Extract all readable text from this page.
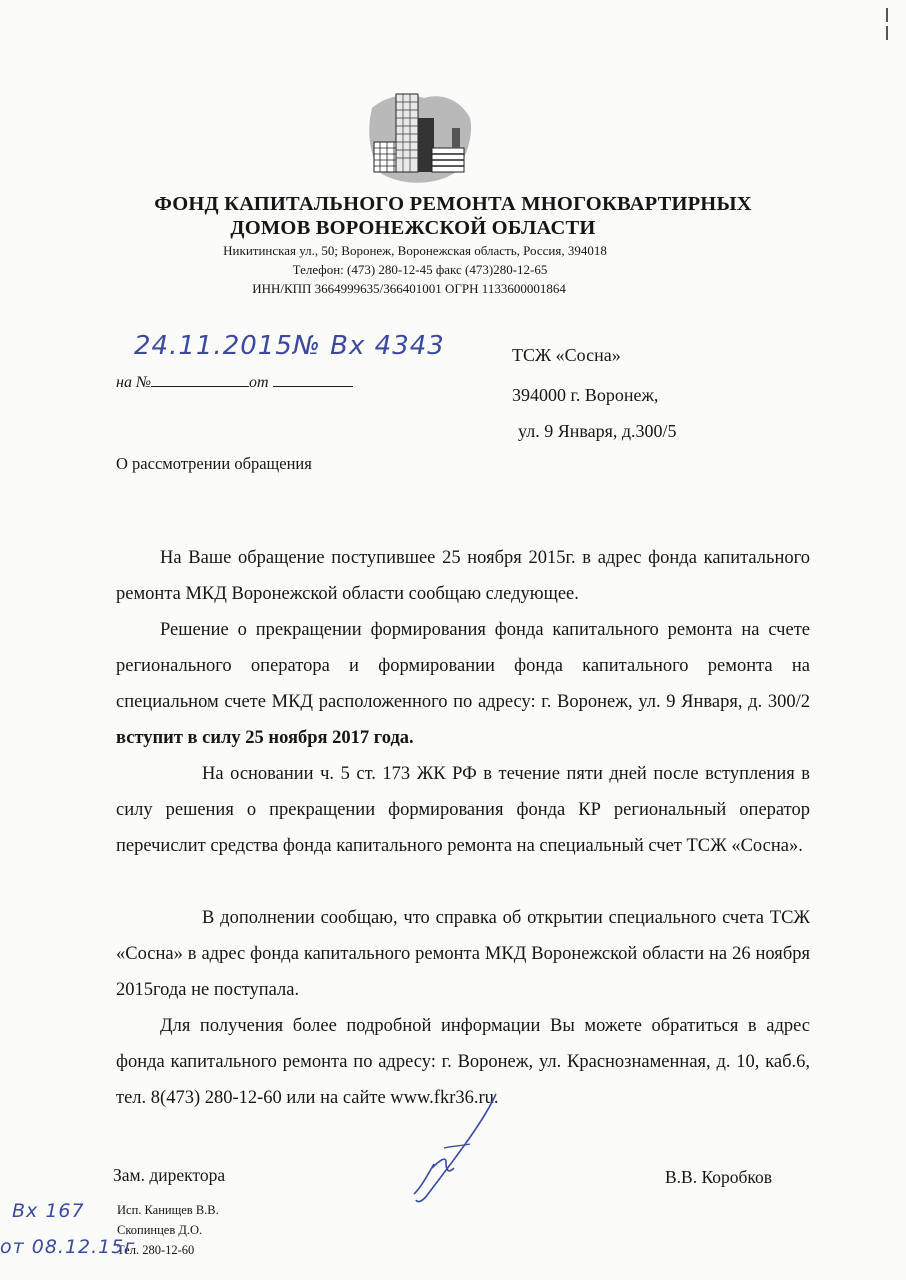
ФОНД КАПИТАЛЬНОГО РЕМОНТА МНОГОКВАРТИРНЫХ
ДОМОВ ВОРОНЕЖСКОЙ ОБЛАСТИ
Никитинская ул., 50; Воронеж, Воронежская область, Россия, 394018
Телефон: (473) 280-12-45 факс (473)280-12-65
ИНН/КПП 3664999635/366401001 ОГРН 1133600001864
24.11.2015№ Вх 4343
на №	от
ТСЖ «Сосна»
394000 г. Воронеж,
ул. 9 Января, д.300/5
О рассмотрении обращения

На Ваше обращение поступившее 25 ноября 2015г. в адрес фонда капитального ремонта МКД Воронежской области сообщаю следующее.

Решение о прекращении формирования фонда капитального ремонта на счете регионального оператора и формировании фонда капитального ремонта на специальном счете МКД расположенного по адресу: г. Воронеж, ул. 9 Января, д. 300/2 вступит в силу 25 ноября 2017 года.

На основании ч. 5 ст. 173 ЖК РФ в течение пяти дней после вступления в силу решения о прекращении формирования фонда КР региональный оператор перечислит средства фонда капитального ремонта на специальный счет ТСЖ «Сосна».

В дополнении сообщаю, что справка об открытии специального счета ТСЖ «Сосна» в адрес фонда капитального ремонта МКД Воронежской области на 26 ноября 2015года не поступала.

Для получения более подробной информации Вы можете обратиться в адрес фонда капитального ремонта по адресу: г. Воронеж, ул. Краснознаменная, д. 10, каб.6, тел. 8(473) 280-12-60 или на сайте www.fkr36.ru.

Зам. директора	В.В. Коробков
Исп. Канищев В.В.
Скопинцев Д.О.
Тел. 280-12-60
Вх 167
от 08.12.15г
